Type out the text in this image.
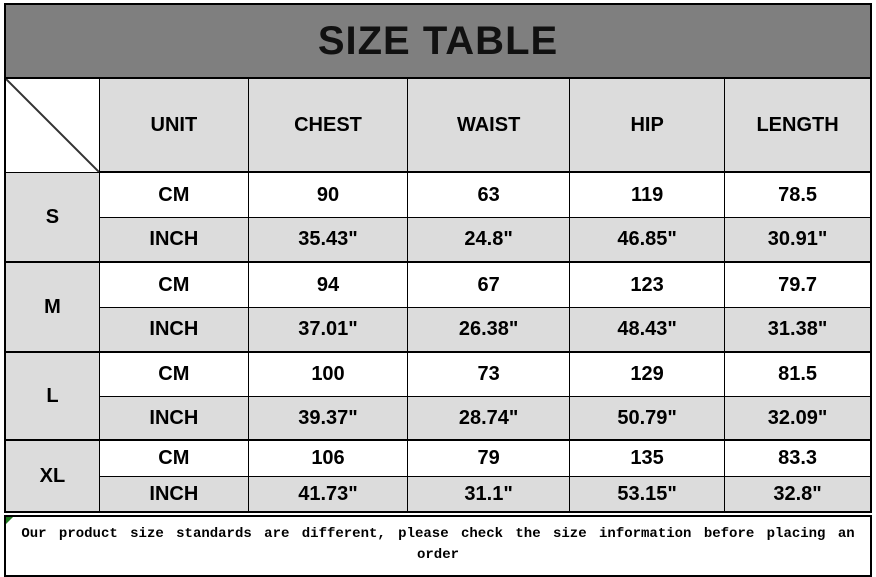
SIZE TABLE
	UNIT	CHEST	WAIST	HIP	LENGTH
S	CM	90	63	119	78.5
	INCH	35.43"	24.8"	46.85"	30.91"
M	CM	94	67	123	79.7
	INCH	37.01"	26.38"	48.43"	31.38"
L	CM	100	73	129	81.5
	INCH	39.37"	28.74"	50.79"	32.09"
XL	CM	106	79	135	83.3
	INCH	41.73"	31.1"	53.15"	32.8"
Our product size standards are different, please check the size information before placing an order
